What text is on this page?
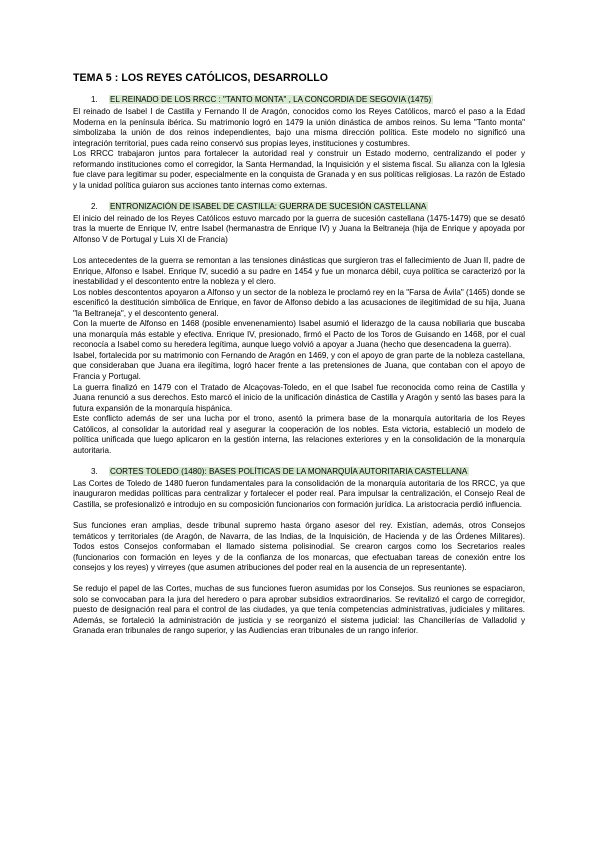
TEMA 5 : LOS REYES CATÓLICOS, DESARROLLO
1. EL REINADO DE LOS RRCC : "TANTO MONTA" , LA CONCORDIA DE SEGOVIA (1475)

El reinado de Isabel I de Castilla y Fernando II de Aragón, conocidos como los Reyes Católicos, marcó el paso a la Edad Moderna en la península ibérica. Su matrimonio logró en 1479 la unión dinástica de ambos reinos. Su lema "Tanto monta" simbolizaba la unión de dos reinos independientes, bajo una misma dirección política. Este modelo no significó una integración territorial, pues cada reino conservó sus propias leyes, instituciones y costumbres.

Los RRCC trabajaron juntos para fortalecer la autoridad real y construir un Estado moderno, centralizando el poder y reformando instituciones como el corregidor, la Santa Hermandad, la Inquisición y el sistema fiscal. Su alianza con la Iglesia fue clave para legitimar su poder, especialmente en la conquista de Granada y en sus políticas religiosas. La razón de Estado y la unidad política guiaron sus acciones tanto internas como externas.

2. ENTRONIZACIÓN DE ISABEL DE CASTILLA: GUERRA DE SUCESIÓN CASTELLANA

El inicio del reinado de los Reyes Católicos estuvo marcado por la guerra de sucesión castellana (1475-1479) que se desató tras la muerte de Enrique IV, entre Isabel (hermanastra de Enrique IV) y Juana la Beltraneja (hija de Enrique y apoyada por Alfonso V de Portugal y Luis XI de Francia)

Los antecedentes de la guerra se remontan a las tensiones dinásticas que surgieron tras el fallecimiento de Juan II, padre de Enrique, Alfonso e Isabel. Enrique IV, sucedió a su padre en 1454 y fue un monarca débil, cuya política se caracterizó por la inestabilidad y el descontento entre la nobleza y el clero.

Los nobles descontentos apoyaron a Alfonso y un sector de la nobleza le proclamó rey en la "Farsa de Ávila" (1465) donde se escenificó la destitución simbólica de Enrique, en favor de Alfonso debido a las acusaciones de ilegitimidad de su hija, Juana "la Beltraneja", y el descontento general.

Con la muerte de Alfonso en 1468 (posible envenenamiento) Isabel asumió el liderazgo de la causa nobiliaria que buscaba una monarquía más estable y efectiva. Enrique IV, presionado, firmó el Pacto de los Toros de Guisando en 1468, por el cual reconocía a Isabel como su heredera legítima, aunque luego volvió a apoyar a Juana (hecho que desencadena la guerra).

Isabel, fortalecida por su matrimonio con Fernando de Aragón en 1469, y con el apoyo de gran parte de la nobleza castellana, que consideraban que Juana era ilegítima, logró hacer frente a las pretensiones de Juana, que contaban con el apoyo de Francia y Portugal.

La guerra finalizó en 1479 con el Tratado de Alcaçovas-Toledo, en el que Isabel fue reconocida como reina de Castilla y Juana renunció a sus derechos. Esto marcó el inicio de la unificación dinástica de Castilla y Aragón y sentó las bases para la futura expansión de la monarquía hispánica.

Este conflicto además de ser una lucha por el trono, asentó la primera base de la monarquía autoritaria de los Reyes Católicos, al consolidar la autoridad real y asegurar la cooperación de los nobles. Esta victoria, estableció un modelo de política unificada que luego aplicaron en la gestión interna, las relaciones exteriores y en la consolidación de la monarquía autoritaria.

3. CORTES TOLEDO (1480): BASES POLÍTICAS DE LA MONARQUÍA AUTORITARIA CASTELLANA

Las Cortes de Toledo de 1480 fueron fundamentales para la consolidación de la monarquía autoritaria de los RRCC, ya que inauguraron medidas políticas para centralizar y fortalecer el poder real. Para impulsar la centralización, el Consejo Real de Castilla, se profesionalizó e introdujo en su composición funcionarios con formación jurídica. La aristocracia perdió influencia.

Sus funciones eran amplias, desde tribunal supremo hasta órgano asesor del rey. Existían, además, otros Consejos temáticos y territoriales (de Aragón, de Navarra, de las Indias, de la Inquisición, de Hacienda y de las Órdenes Militares). Todos estos Consejos conformaban el llamado sistema polisinodial. Se crearon cargos como los Secretarios reales (funcionarios con formación en leyes y de la confianza de los monarcas, que efectuaban tareas de conexión entre los consejos y los reyes) y virreyes (que asumen atribuciones del poder real en la ausencia de un representante).

Se redujo el papel de las Cortes, muchas de sus funciones fueron asumidas por los Consejos. Sus reuniones se espaciaron, solo se convocaban para la jura del heredero o para aprobar subsidios extraordinarios. Se revitalizó el cargo de corregidor, puesto de designación real para el control de las ciudades, ya que tenía competencias administrativas, judiciales y militares. Además, se fortaleció la administración de justicia y se reorganizó el sistema judicial: las Chancillerías de Valladolid y Granada eran tribunales de rango superior, y las Audiencias eran tribunales de un rango inferior.
